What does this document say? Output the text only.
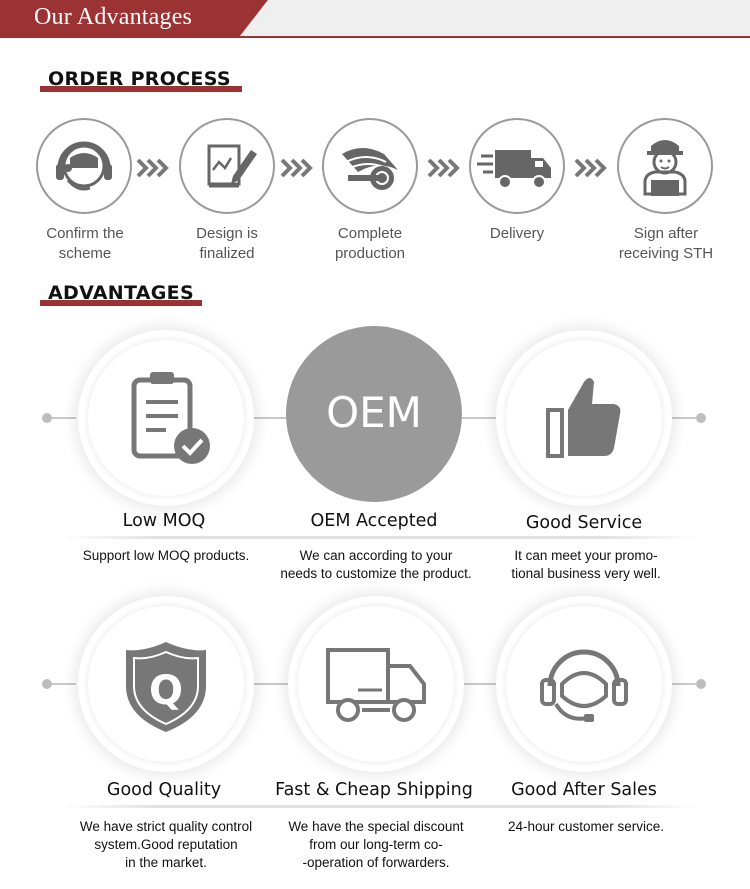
Our Advantages
ORDER PROCESS
Confirm the
scheme
Design is
finalized
Complete
production
Delivery	Sign after
receiving STH
ADVANTAGES
OEM
Low MOQ	OEM Accepted	Good Service
Support low MOQ products.	We can according to your
needs to customize the product.
It can meet your promo-
tional business very well.
Q
Good Quality	Fast & Cheap Shipping	Good After Sales
We have strict quality control
system.Good reputation
in the market.
We have the special discount
from our long-term co-
-operation of forwarders.
24-hour customer service.
